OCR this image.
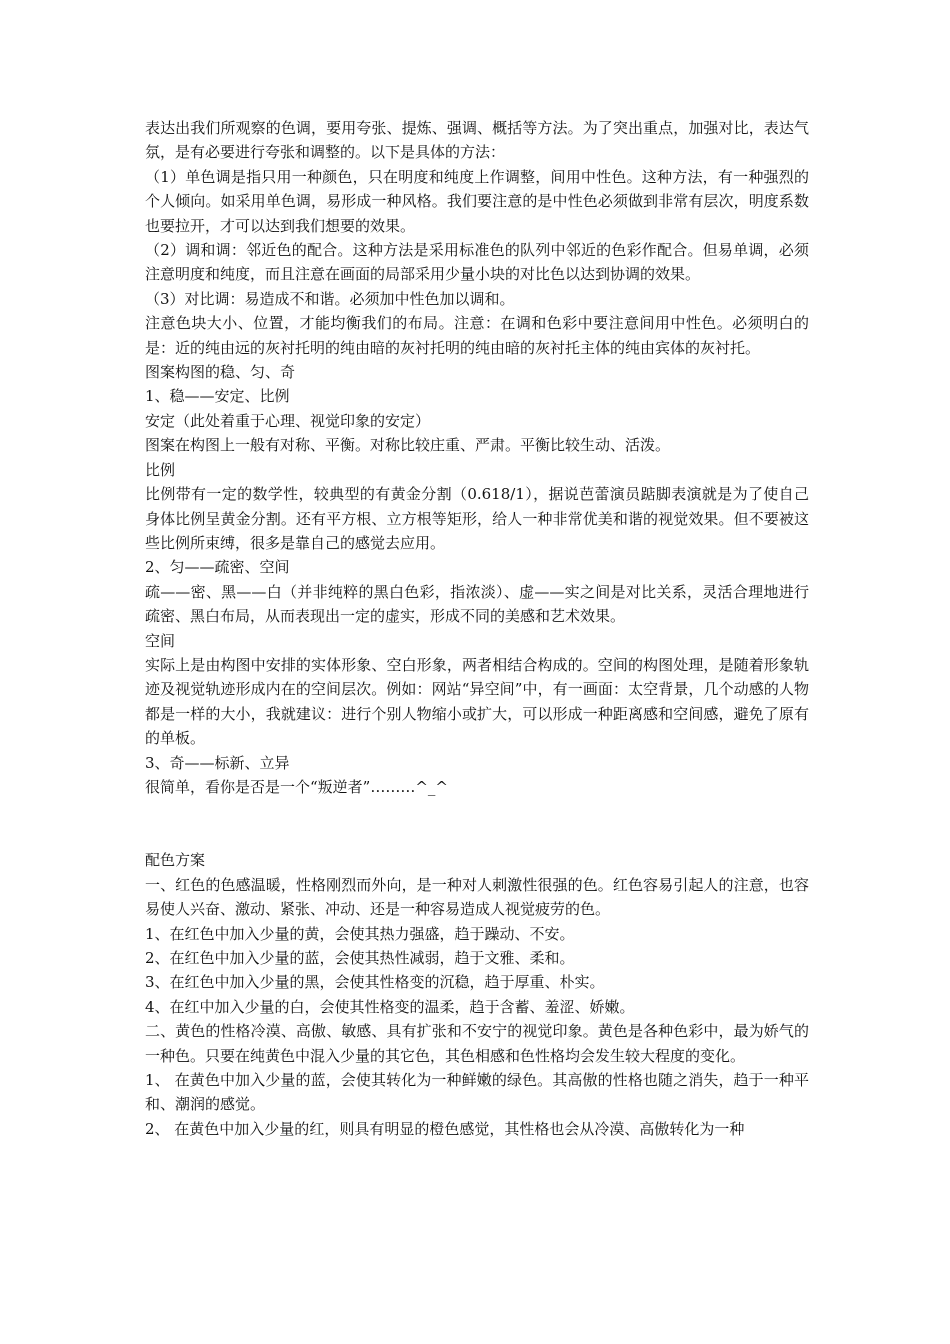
表达出我们所观察的色调，要用夸张、提炼、强调、概括等方法。为了突出重点，加强对比，表达气氛，是有必要进行夸张和调整的。以下是具体的方法：

（1）单色调是指只用一种颜色，只在明度和纯度上作调整，间用中性色。这种方法，有一种强烈的个人倾向。如采用单色调，易形成一种风格。我们要注意的是中性色必须做到非常有层次，明度系数也要拉开，才可以达到我们想要的效果。

（2）调和调：邻近色的配合。这种方法是采用标准色的队列中邻近的色彩作配合。但易单调，必须注意明度和纯度，而且注意在画面的局部采用少量小块的对比色以达到协调的效果。

（3）对比调：易造成不和谐。必须加中性色加以调和。

注意色块大小、位置，才能均衡我们的布局。注意：在调和色彩中要注意间用中性色。必须明白的是：近的纯由远的灰衬托明的纯由暗的灰衬托明的纯由暗的灰衬托主体的纯由宾体的灰衬托。

图案构图的稳、匀、奇

1、稳——安定、比例

安定（此处着重于心理、视觉印象的安定）

图案在构图上一般有对称、平衡。对称比较庄重、严肃。平衡比较生动、活泼。

比例

比例带有一定的数学性，较典型的有黄金分割（0.618/1），据说芭蕾演员踮脚表演就是为了使自己身体比例呈黄金分割。还有平方根、立方根等矩形，给人一种非常优美和谐的视觉效果。但不要被这些比例所束缚，很多是靠自己的感觉去应用。

2、匀——疏密、空间

疏——密、黑——白（并非纯粹的黑白色彩，指浓淡）、虚——实之间是对比关系，灵活合理地进行疏密、黑白布局，从而表现出一定的虚实，形成不同的美感和艺术效果。

空间

实际上是由构图中安排的实体形象、空白形象，两者相结合构成的。空间的构图处理，是随着形象轨迹及视觉轨迹形成内在的空间层次。例如：网站“异空间”中，有一画面：太空背景，几个动感的人物都是一样的大小，我就建议：进行个别人物缩小或扩大，可以形成一种距离感和空间感，避免了原有的单板。

3、奇——标新、立异

很简单，看你是否是一个“叛逆者”………^_^

配色方案

一、红色的色感温暖，性格刚烈而外向，是一种对人刺激性很强的色。红色容易引起人的注意，也容易使人兴奋、激动、紧张、冲动、还是一种容易造成人视觉疲劳的色。

1、在红色中加入少量的黄，会使其热力强盛，趋于躁动、不安。

2、在红色中加入少量的蓝，会使其热性减弱，趋于文雅、柔和。

3、在红色中加入少量的黑，会使其性格变的沉稳，趋于厚重、朴实。

4、在红中加入少量的白，会使其性格变的温柔，趋于含蓄、羞涩、娇嫩。

二、黄色的性格冷漠、高傲、敏感、具有扩张和不安宁的视觉印象。黄色是各种色彩中，最为娇气的一种色。只要在纯黄色中混入少量的其它色，其色相感和色性格均会发生较大程度的变化。

1、 在黄色中加入少量的蓝，会使其转化为一种鲜嫩的绿色。其高傲的性格也随之消失，趋于一种平和、潮润的感觉。

2、 在黄色中加入少量的红，则具有明显的橙色感觉，其性格也会从冷漠、高傲转化为一种
